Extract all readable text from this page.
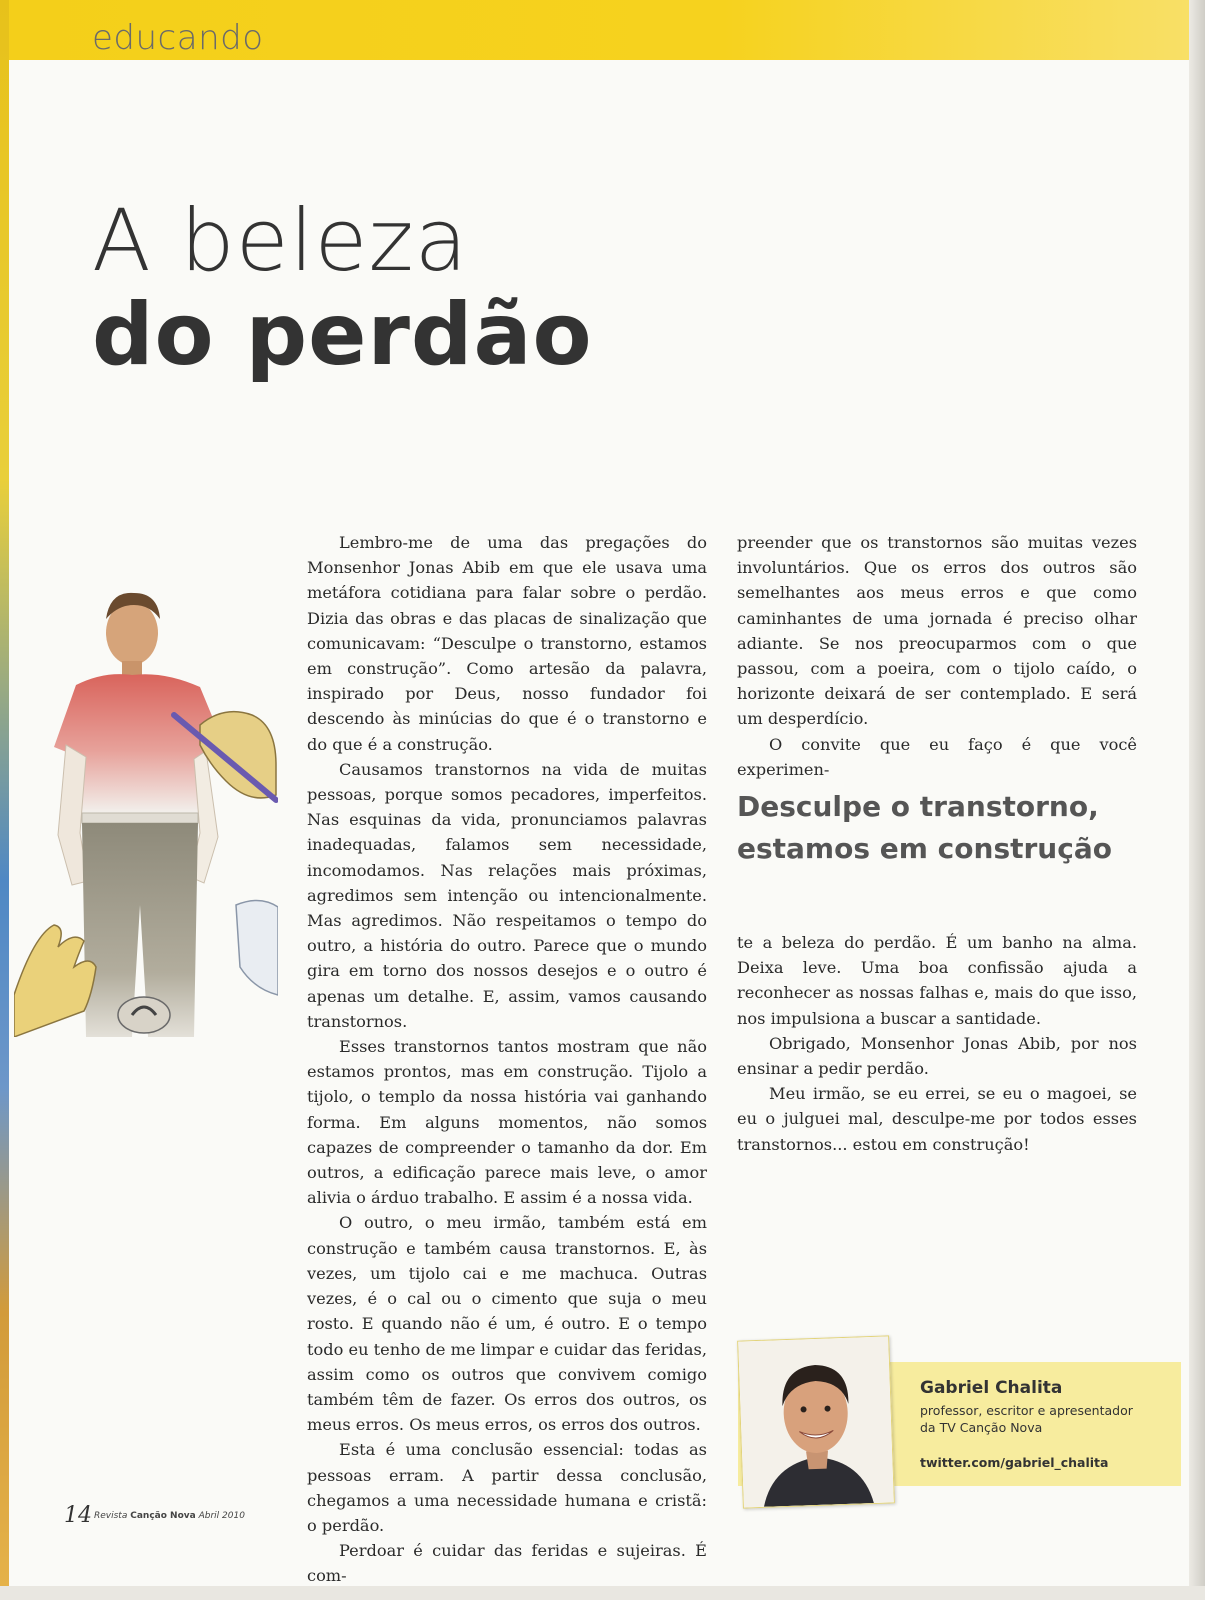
educando
A beleza
do perdão

Lembro-me de uma das pregações do Monsenhor Jonas Abib em que ele usava uma metáfora cotidiana para falar sobre o perdão. Dizia das obras e das placas de sinalização que comunicavam: “Desculpe o transtorno, estamos em construção”. Como artesão da palavra, inspirado por Deus, nosso fundador foi descendo às minúcias do que é o transtorno e do que é a construção.

Causamos transtornos na vida de muitas pessoas, porque somos pecadores, imperfeitos. Nas esquinas da vida, pronunciamos palavras inadequadas, falamos sem necessidade, incomodamos. Nas relações mais próximas, agredimos sem intenção ou intencionalmente. Mas agredimos. Não respeitamos o tempo do outro, a história do outro. Parece que o mundo gira em torno dos nossos desejos e o outro é apenas um detalhe. E, assim, vamos causando transtornos.

Esses transtornos tantos mostram que não estamos prontos, mas em construção. Tijolo a tijolo, o templo da nossa história vai ganhando forma. Em alguns momentos, não somos capazes de compreender o tamanho da dor. Em outros, a edificação parece mais leve, o amor alivia o árduo trabalho. E assim é a nossa vida.

O outro, o meu irmão, também está em construção e também causa transtornos. E, às vezes, um tijolo cai e me machuca. Outras vezes, é o cal ou o cimento que suja o meu rosto. E quando não é um, é outro. E o tempo todo eu tenho de me limpar e cuidar das feridas, assim como os outros que convivem comigo também têm de fazer. Os erros dos outros, os meus erros. Os meus erros, os erros dos outros.

Esta é uma conclusão essencial: todas as pessoas erram. A partir dessa conclusão, chegamos a uma necessidade humana e cristã: o perdão.

Perdoar é cuidar das feridas e sujeiras. É com-

preender que os transtornos são muitas vezes involuntários. Que os erros dos outros são semelhantes aos meus erros e que como caminhantes de uma jornada é preciso olhar adiante. Se nos preocuparmos com o que passou, com a poeira, com o tijolo caído, o horizonte deixará de ser contemplado. E será um desperdício.

O convite que eu faço é que você experimen-

Desculpe o transtorno,
estamos em construção

te a beleza do perdão. É um banho na alma. Deixa leve. Uma boa confissão ajuda a reconhecer as nossas falhas e, mais do que isso, nos impulsiona a buscar a santidade.

Obrigado, Monsenhor Jonas Abib, por nos ensinar a pedir perdão.

Meu irmão, se eu errei, se eu o magoei, se eu o julguei mal, desculpe-me por todos esses transtornos... estou em construção!

Gabriel Chalita
professor, escritor e apresentador da TV Canção Nova
twitter.com/gabriel_chalita
14 Revista Canção Nova Abril 2010
